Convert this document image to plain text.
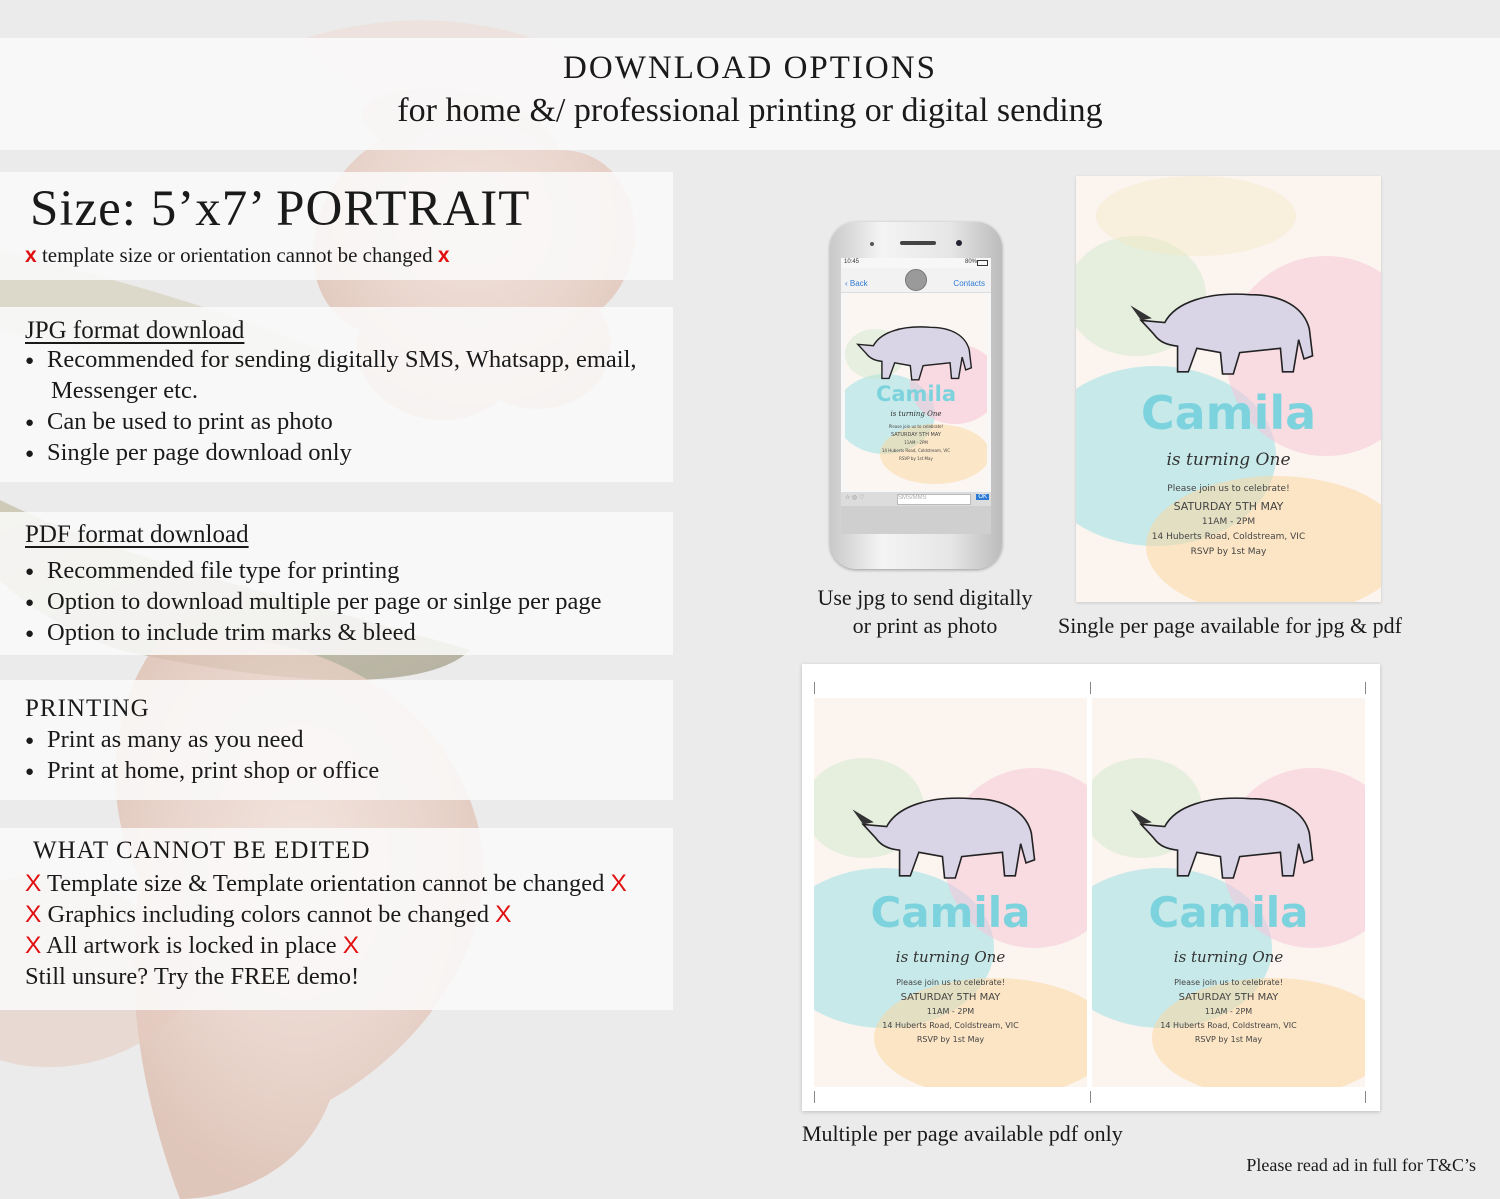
DOWNLOAD OPTIONS
for home &/ professional printing or digital sending
Size: 5’x7’ PORTRAIT
x template size or orientation cannot be changed x
JPG format download
● Recommended for sending digitally SMS, Whatsapp, email,
Messenger etc.
● Can be used to print as photo
● Single per page download only
PDF format download
● Recommended file type for printing
● Option to download multiple per page or sinlge per page
● Option to include trim marks & bleed
PRINTING
● Print as many as you need
● Print at home, print shop or office
WHAT CANNOT BE EDITED
X Template size & Template orientation cannot be changed X
X Graphics including colors cannot be changed X
X All artwork is locked in place X
Still unsure? Try the FREE demo!
10:45	80%
‹ Back	Contacts
Camila
is turning One
Please join us to celebrate!
SATURDAY 5TH MAY
11AM - 2PM
14 Huberts Road, Coldstream, VIC
RSVP by 1st May
☆ ◎ ♡	SMS/MMS	OK
Use jpg to send digitally
or print as photo
Camila
is turning One
Please join us to celebrate!
SATURDAY 5TH MAY
11AM - 2PM
14 Huberts Road, Coldstream, VIC
RSVP by 1st May
Single per page available for jpg & pdf
Camila
is turning One
Please join us to celebrate!
SATURDAY 5TH MAY
11AM - 2PM
14 Huberts Road, Coldstream, VIC
RSVP by 1st May
Camila
is turning One
Please join us to celebrate!
SATURDAY 5TH MAY
11AM - 2PM
14 Huberts Road, Coldstream, VIC
RSVP by 1st May
Multiple per page available pdf only
Please read ad in full for T&C’s
